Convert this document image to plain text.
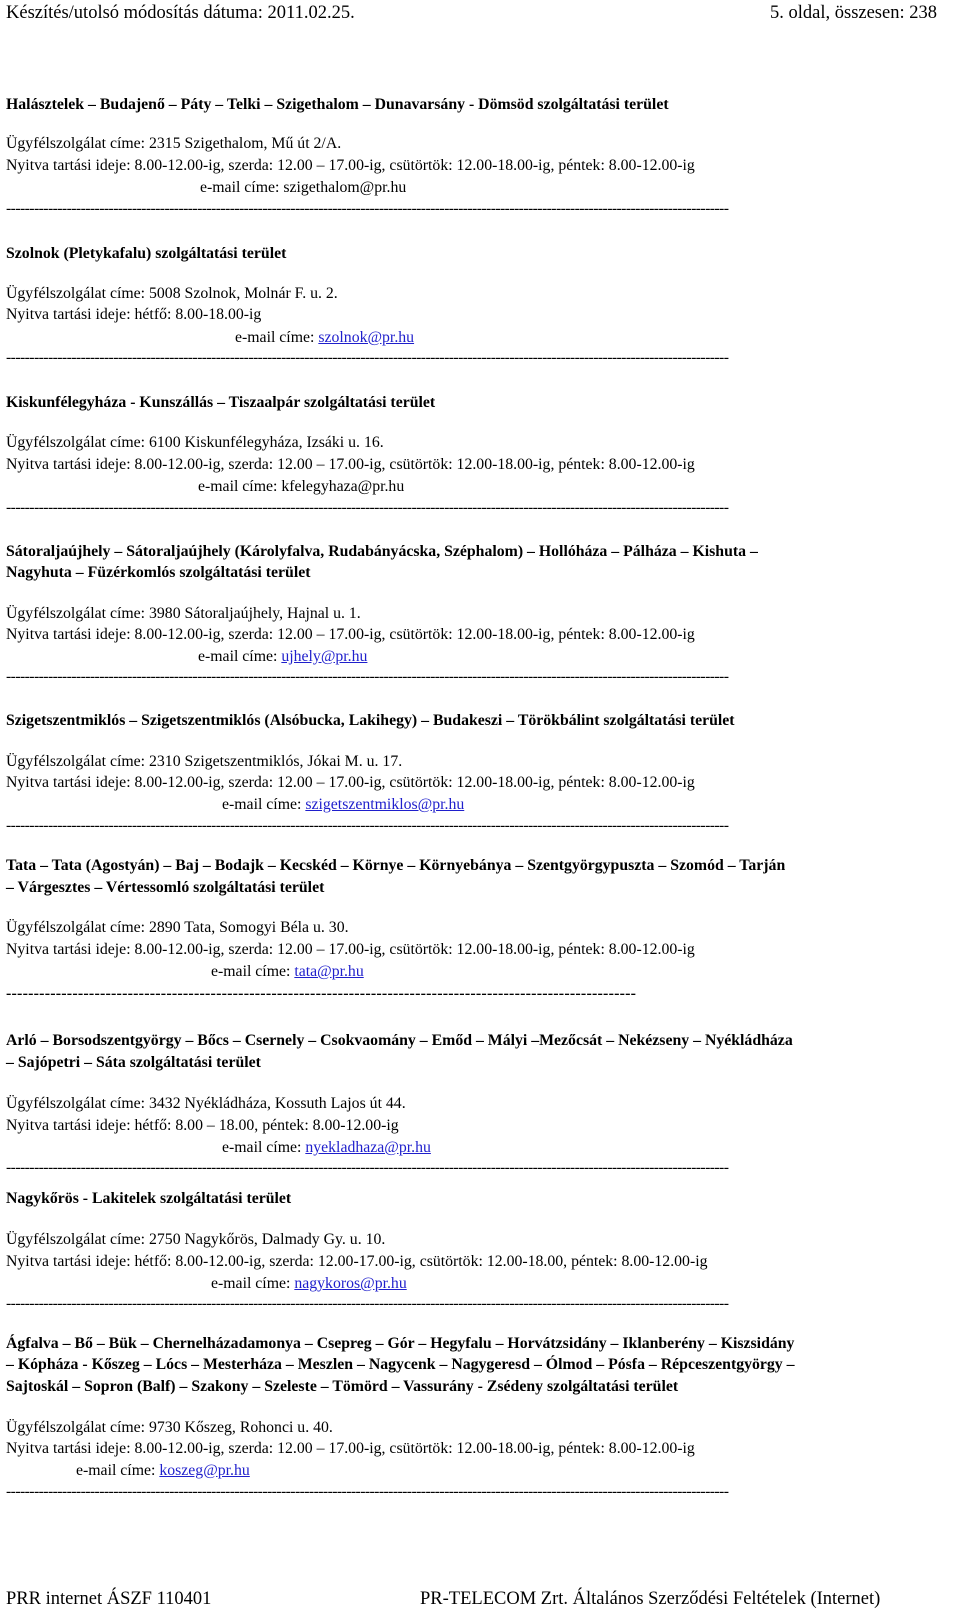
Készítés/utolsó módosítás dátuma: 2011.02.25.	5. oldal, összesen: 238
Halásztelek – Budajenő – Páty – Telki – Szigethalom – Dunavarsány - Dömsöd szolgáltatási terület
Ügyfélszolgálat címe: 2315 Szigethalom, Mű út 2/A.
Nyitva tartási ideje: 8.00-12.00-ig, szerda: 12.00 – 17.00-ig, csütörtök: 12.00-18.00-ig, péntek: 8.00-12.00-ig
e-mail címe: szigethalom@pr.hu
-----------------------------------------------------------------------------------------------------------------------------------------------------------
Szolnok (Pletykafalu) szolgáltatási terület
Ügyfélszolgálat címe: 5008 Szolnok, Molnár F. u. 2.
Nyitva tartási ideje: hétfő: 8.00-18.00-ig
e-mail címe: szolnok@pr.hu
-----------------------------------------------------------------------------------------------------------------------------------------------------------
Kiskunfélegyháza - Kunszállás – Tiszaalpár szolgáltatási terület
Ügyfélszolgálat címe: 6100 Kiskunfélegyháza, Izsáki u. 16.
Nyitva tartási ideje: 8.00-12.00-ig, szerda: 12.00 – 17.00-ig, csütörtök: 12.00-18.00-ig, péntek: 8.00-12.00-ig
e-mail címe: kfelegyhaza@pr.hu
-----------------------------------------------------------------------------------------------------------------------------------------------------------
Sátoraljaújhely – Sátoraljaújhely (Károlyfalva, Rudabányácska, Széphalom) – Hollóháza – Pálháza – Kishuta –
Nagyhuta – Füzérkomlós szolgáltatási terület
Ügyfélszolgálat címe: 3980 Sátoraljaújhely, Hajnal u. 1.
Nyitva tartási ideje: 8.00-12.00-ig, szerda: 12.00 – 17.00-ig, csütörtök: 12.00-18.00-ig, péntek: 8.00-12.00-ig
e-mail címe: ujhely@pr.hu
-----------------------------------------------------------------------------------------------------------------------------------------------------------
Szigetszentmiklós – Szigetszentmiklós (Alsóbucka, Lakihegy) – Budakeszi – Törökbálint szolgáltatási terület
Ügyfélszolgálat címe: 2310 Szigetszentmiklós, Jókai M. u. 17.
Nyitva tartási ideje: 8.00-12.00-ig, szerda: 12.00 – 17.00-ig, csütörtök: 12.00-18.00-ig, péntek: 8.00-12.00-ig
e-mail címe: szigetszentmiklos@pr.hu
-----------------------------------------------------------------------------------------------------------------------------------------------------------
Tata – Tata (Agostyán) – Baj – Bodajk – Kecskéd – Környe – Környebánya – Szentgyörgypuszta – Szomód – Tarján
– Várgesztes – Vértessomló szolgáltatási terület
Ügyfélszolgálat címe: 2890 Tata, Somogyi Béla u. 30.
Nyitva tartási ideje: 8.00-12.00-ig, szerda: 12.00 – 17.00-ig, csütörtök: 12.00-18.00-ig, péntek: 8.00-12.00-ig
e-mail címe: tata@pr.hu
------------------------------------------------------------------------------------------------------------------
Arló – Borsodszentgyörgy – Bőcs – Csernely – Csokvaomány – Emőd – Mályi –Mezőcsát – Nekézseny – Nyékládháza
– Sajópetri – Sáta szolgáltatási terület
Ügyfélszolgálat címe: 3432 Nyékládháza, Kossuth Lajos út 44.
Nyitva tartási ideje: hétfő: 8.00 – 18.00, péntek: 8.00-12.00-ig
e-mail címe: nyekladhaza@pr.hu
-----------------------------------------------------------------------------------------------------------------------------------------------------------
Nagykőrös - Lakitelek szolgáltatási terület
Ügyfélszolgálat címe: 2750 Nagykőrös, Dalmady Gy. u. 10.
Nyitva tartási ideje: hétfő: 8.00-12.00-ig, szerda: 12.00-17.00-ig, csütörtök: 12.00-18.00, péntek: 8.00-12.00-ig
e-mail címe: nagykoros@pr.hu
-----------------------------------------------------------------------------------------------------------------------------------------------------------
Ágfalva – Bő – Bük – Chernelházadamonya – Csepreg – Gór – Hegyfalu – Horvátzsidány – Iklanberény – Kiszsidány
– Kópháza - Kőszeg – Lócs – Mesterháza – Meszlen – Nagycenk – Nagygeresd – Ólmod – Pósfa – Répceszentgyörgy –
Sajtoskál – Sopron (Balf) – Szakony – Szeleste – Tömörd – Vassurány - Zsédeny szolgáltatási terület
Ügyfélszolgálat címe: 9730 Kőszeg, Rohonci u. 40.
Nyitva tartási ideje: 8.00-12.00-ig, szerda: 12.00 – 17.00-ig, csütörtök: 12.00-18.00-ig, péntek: 8.00-12.00-ig
e-mail címe: koszeg@pr.hu
-----------------------------------------------------------------------------------------------------------------------------------------------------------
PRR internet ÁSZF 110401	PR-TELECOM Zrt. Általános Szerződési Feltételek (Internet)
